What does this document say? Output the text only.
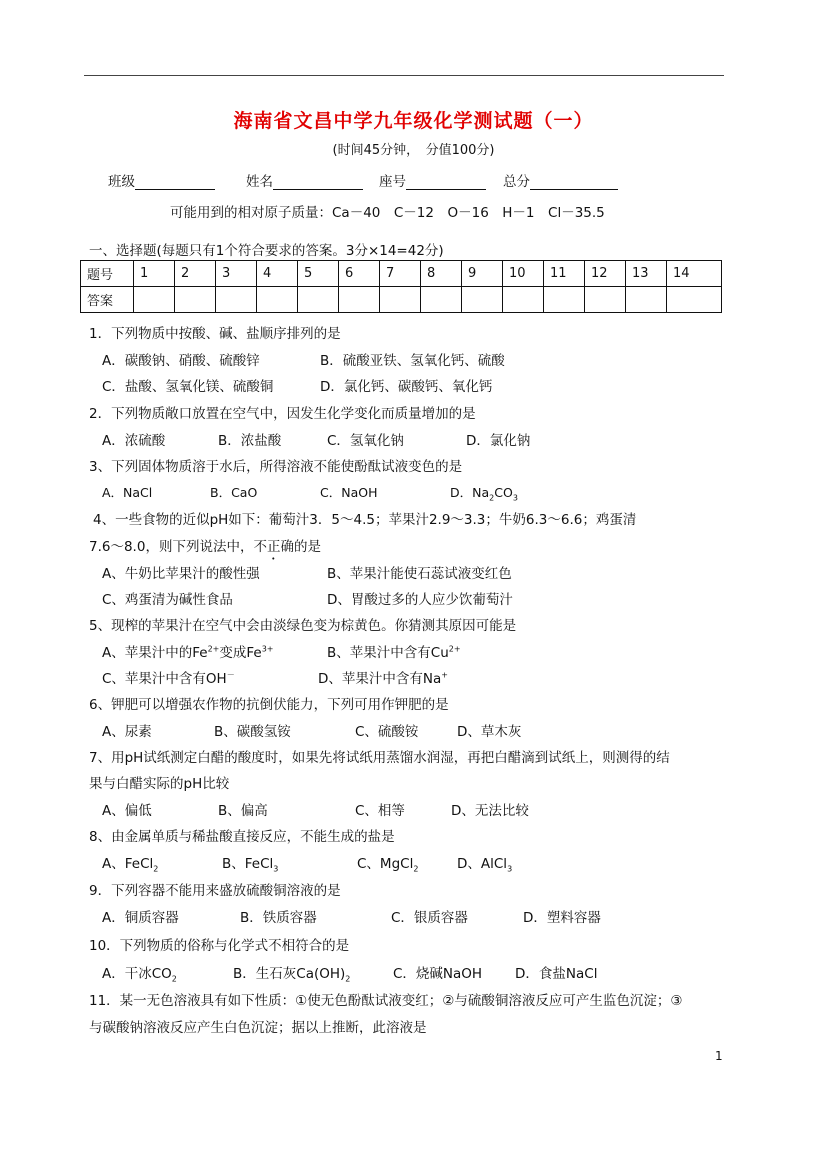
海南省文昌中学九年级化学测试题（一）
(时间45分钟，　分值100分)
班级	姓名	座号	总分
可能用到的相对原子质量：Ca－40　C－12　O－16　H－1　Cl－35.5
一、选择题(每题只有1个符合要求的答案。3分×14=42分)
题号	1	2	3	4	5	6	7	8	9	10	11	12	13	14
答案														
1．下列物质中按酸、碱、盐顺序排列的是
A．碳酸钠、硝酸、硫酸锌	B．硫酸亚铁、氢氧化钙、硫酸
C．盐酸、氢氧化镁、硫酸铜	D．氯化钙、碳酸钙、氧化钙
2．下列物质敞口放置在空气中，因发生化学变化而质量增加的是
A．浓硫酸	B．浓盐酸	C．氢氧化钠	D．氯化钠
3、下列固体物质溶于水后，所得溶液不能使酚酞试液变色的是
A．NaCl	B．CaO	C．NaOH	D．$Na_2CO_3$
4、一些食物的近似pH如下：葡萄汁3．5～4.5；苹果汁2.9～3.3；牛奶6.3～6.6；鸡蛋清
7.6～8.0，则下列说法中，不正确的是
A、牛奶比苹果汁的酸性强	B、苹果汁能使石蕊试液变红色
C、鸡蛋清为碱性食品	D、胃酸过多的人应少饮葡萄汁
5、现榨的苹果汁在空气中会由淡绿色变为棕黄色。你猜测其原因可能是
A、苹果汁中的$Fe^{2+}$变成$Fe^{3+}$	B、苹果汁中含有$Cu^{2+}$
C、苹果汁中含有OH－	D、苹果汁中含有Na+
6、钾肥可以增强农作物的抗倒伏能力，下列可用作钾肥的是
A、尿素	B、碳酸氢铵	C、硫酸铵	D、草木灰
7、用pH试纸测定白醋的酸度时，如果先将试纸用蒸馏水润湿，再把白醋滴到试纸上，则测得的结
果与白醋实际的pH比较
A、偏低	B、偏高	C、相等	D、无法比较
8、由金属单质与稀盐酸直接反应，不能生成的盐是
A、FeCl$_2$	B、FeCl$_3$	C、MgCl$_2$	D、AlCl$_3$
9．下列容器不能用来盛放硫酸铜溶液的是
A．铜质容器	B．铁质容器	C．银质容器	D．塑料容器
10．下列物质的俗称与化学式不相符合的是
A．干冰$CO_2$	B．生石灰$Ca(OH)_2$	C．烧碱NaOH D．食盐NaCl
11．某一无色溶液具有如下性质：①使无色酚酞试液变红；②与硫酸铜溶液反应可产生监色沉淀；③
与碳酸钠溶液反应产生白色沉淀；据以上推断，此溶液是
1
